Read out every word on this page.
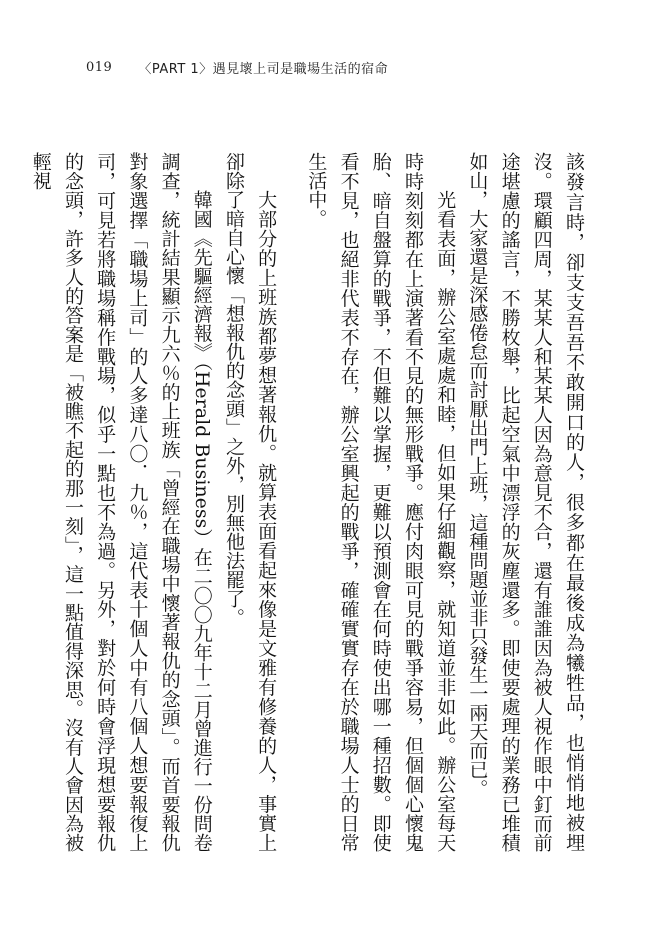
019 〈PART 1〉遇見壞上司是職場生活的宿命

該發言時，卻支支吾吾不敢開口的人，很多都在最後成為犧牲品，也悄悄地被埋沒。環顧四周，某某人和某某人因為意見不合，還有誰誰因為被人視作眼中釘而前途堪慮的謠言，不勝枚舉，比起空氣中漂浮的灰塵還多。即使要處理的業務已堆積如山，大家還是深感倦怠而討厭出門上班，這種問題並非只發生一兩天而已。

光看表面，辦公室處處和睦，但如果仔細觀察，就知道並非如此。辦公室每天時時刻刻都在上演著看不見的無形戰爭。應付肉眼可見的戰爭容易，但個個心懷鬼胎、暗自盤算的戰爭，不但難以掌握，更難以預測會在何時使出哪一種招數。即使看不見，也絕非代表不存在，辦公室興起的戰爭，確確實實存在於職場人士的日常生活中。

大部分的上班族都夢想著報仇。就算表面看起來像是文雅有修養的人，事實上卻除了暗自心懷「想報仇的念頭」之外，別無他法罷了。

韓國《先驅經濟報》（Herald Business）在二〇〇九年十二月曾進行一份問卷調查，統計結果顯示九六％的上班族「曾經在職場中懷著報仇的念頭」。而首要報仇對象選擇「職場上司」的人多達八〇．九％，這代表十個人中有八個人想要報復上司，可見若將職場稱作戰場，似乎一點也不為過。另外，對於何時會浮現想要報仇的念頭，許多人的答案是「被瞧不起的那一刻」，這一點值得深思。沒有人會因為被輕視
